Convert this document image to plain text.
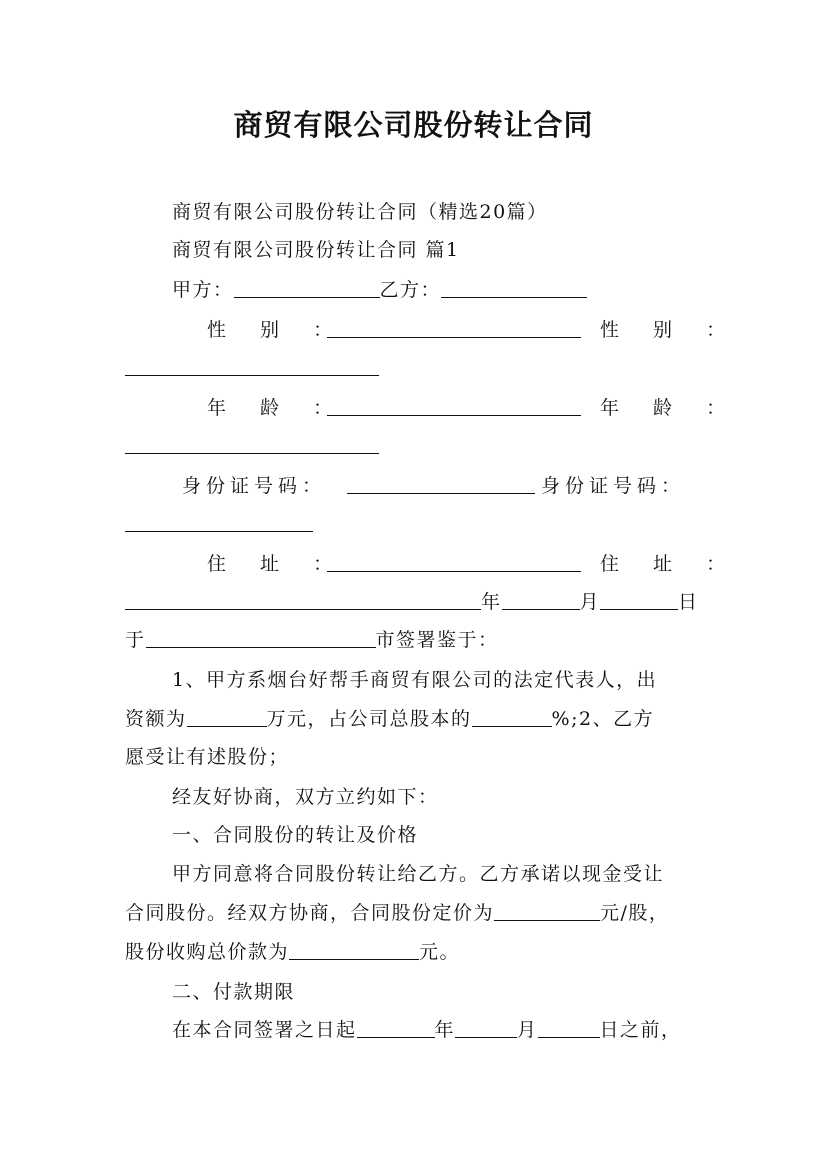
商贸有限公司股份转让合同
商贸有限公司股份转让合同（精选20篇）
商贸有限公司股份转让合同 篇1
甲方：	乙方：
性 别 ：	性 别 ：
年 龄 ：	年 龄 ：
身份证号码：	身份证号码：
住 址 ：	住 址 ：
年	月	日
于	市签署鉴于：
1、甲方系烟台好帮手商贸有限公司的法定代表人，出
资额为	万元，占公司总股本的	%;2、乙方
愿受让有述股份；
经友好协商，双方立约如下：
一、合同股份的转让及价格
甲方同意将合同股份转让给乙方。乙方承诺以现金受让
合同股份。经双方协商，合同股份定价为	元/股，
股份收购总价款为	元。
二、付款期限
在本合同签署之日起	年	月	日之前，
